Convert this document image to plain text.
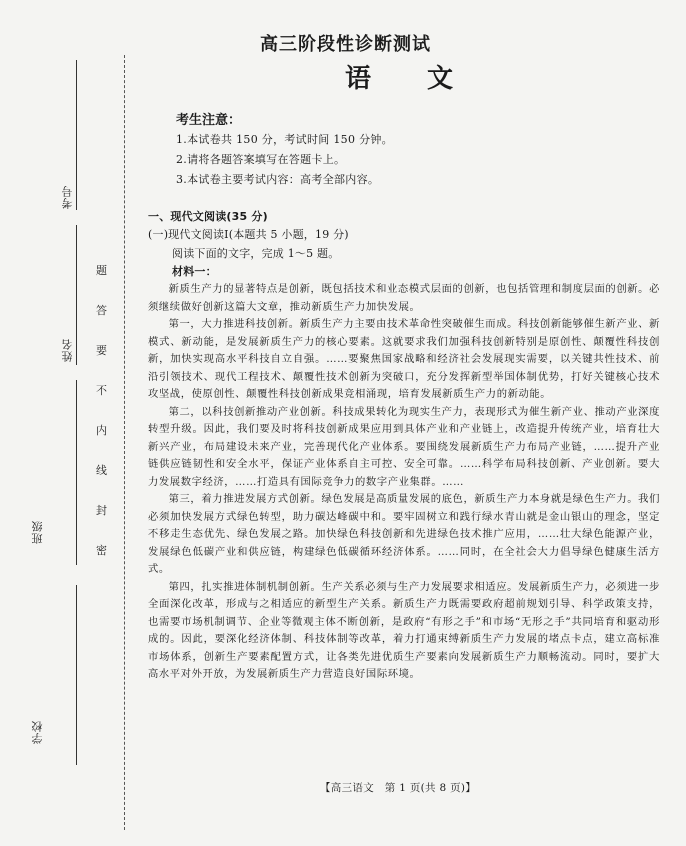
学校
班级
姓名
考号
题
答
要
不
内
线
封
密
高三阶段性诊断测试
语文
考生注意：
1.本试卷共 150 分，考试时间 150 分钟。
2.请将各题答案填写在答题卡上。
3.本试卷主要考试内容：高考全部内容。
一、现代文阅读(35 分)
(一)现代文阅读Ⅰ(本题共 5 小题，19 分)
阅读下面的文字，完成 1～5 题。
材料一：

新质生产力的显著特点是创新，既包括技术和业态模式层面的创新，也包括管理和制度层面的创新。必须继续做好创新这篇大文章，推动新质生产力加快发展。

第一，大力推进科技创新。新质生产力主要由技术革命性突破催生而成。科技创新能够催生新产业、新模式、新动能，是发展新质生产力的核心要素。这就要求我们加强科技创新特别是原创性、颠覆性科技创新，加快实现高水平科技自立自强。……要聚焦国家战略和经济社会发展现实需要，以关键共性技术、前沿引领技术、现代工程技术、颠覆性技术创新为突破口，充分发挥新型举国体制优势，打好关键核心技术攻坚战，使原创性、颠覆性科技创新成果竞相涌现，培育发展新质生产力的新动能。

第二，以科技创新推动产业创新。科技成果转化为现实生产力，表现形式为催生新产业、推动产业深度转型升级。因此，我们要及时将科技创新成果应用到具体产业和产业链上，改造提升传统产业，培育壮大新兴产业，布局建设未来产业，完善现代化产业体系。要围绕发展新质生产力布局产业链，……提升产业链供应链韧性和安全水平，保证产业体系自主可控、安全可靠。……科学布局科技创新、产业创新。要大力发展数字经济，……打造具有国际竞争力的数字产业集群。……

第三，着力推进发展方式创新。绿色发展是高质量发展的底色，新质生产力本身就是绿色生产力。我们必须加快发展方式绿色转型，助力碳达峰碳中和。要牢固树立和践行绿水青山就是金山银山的理念，坚定不移走生态优先、绿色发展之路。加快绿色科技创新和先进绿色技术推广应用，……壮大绿色能源产业，发展绿色低碳产业和供应链，构建绿色低碳循环经济体系。……同时，在全社会大力倡导绿色健康生活方式。

第四，扎实推进体制机制创新。生产关系必须与生产力发展要求相适应。发展新质生产力，必须进一步全面深化改革，形成与之相适应的新型生产关系。新质生产力既需要政府超前规划引导、科学政策支持，也需要市场机制调节、企业等微观主体不断创新，是政府“有形之手”和市场“无形之手”共同培育和驱动形成的。因此，要深化经济体制、科技体制等改革，着力打通束缚新质生产力发展的堵点卡点，建立高标准市场体系，创新生产要素配置方式，让各类先进优质生产要素向发展新质生产力顺畅流动。同时，要扩大高水平对外开放，为发展新质生产力营造良好国际环境。

【高三语文　第 1 页(共 8 页)】
